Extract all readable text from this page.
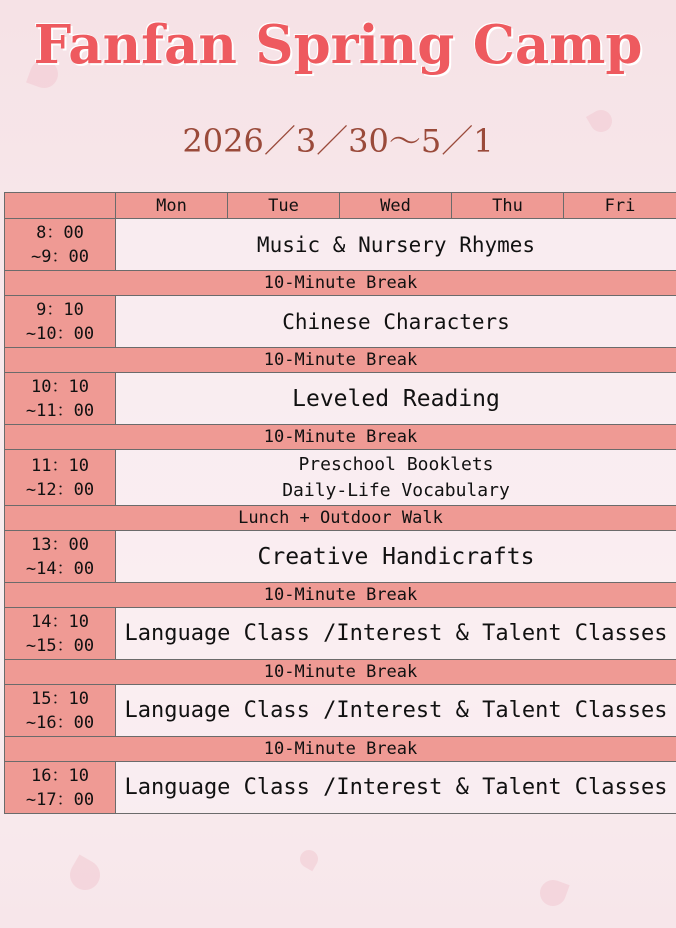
Fanfan Spring Camp
2026／3／30～5／1
	Mon	Tue	Wed	Thu	Fri
8：00
~9：00	Music & Nursery Rhymes				
10-Minute Break					
9：10
~10：00	Chinese Characters				
10-Minute Break					
10：10
~11：00	Leveled Reading				
10-Minute Break					
11：10
~12：00	Preschool Booklets
Daily-Life Vocabulary				
Lunch + Outdoor Walk					
13：00
~14：00	Creative Handicrafts				
10-Minute Break					
14：10
~15：00	Language Class /Interest & Talent Classes				
10-Minute Break					
15：10
~16：00	Language Class /Interest & Talent Classes				
10-Minute Break					
16：10
~17：00	Language Class /Interest & Talent Classes				
